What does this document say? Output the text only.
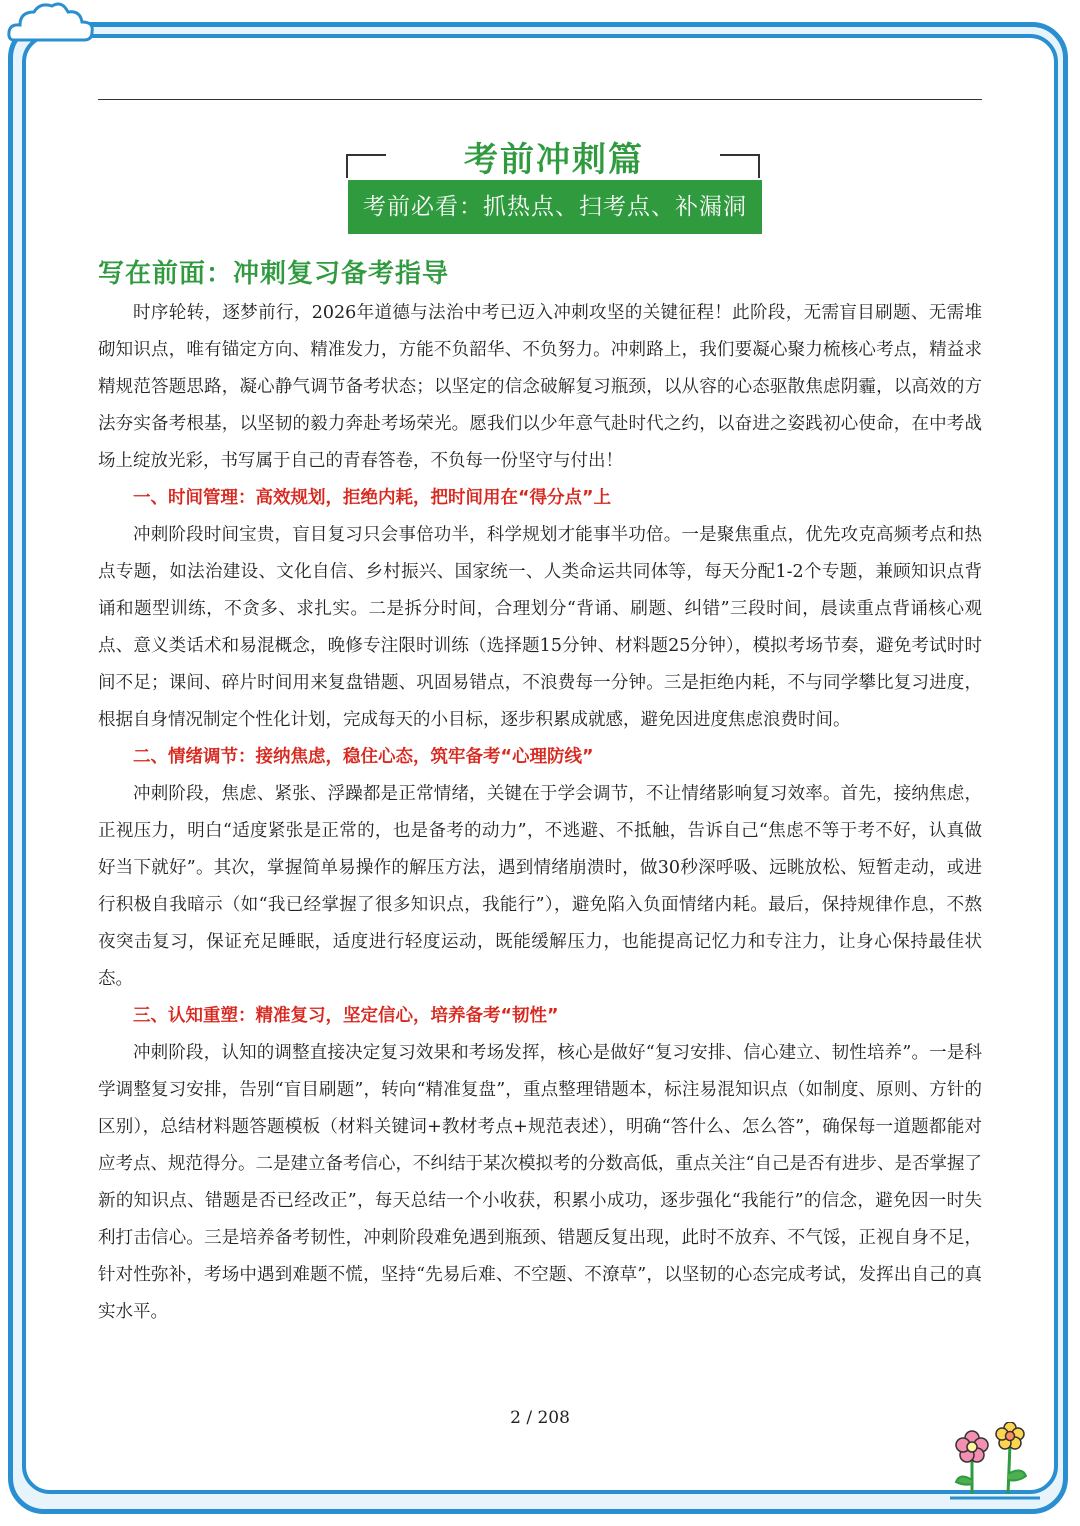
考前冲刺篇
考前必看：抓热点、扫考点、补漏洞
写在前面：冲刺复习备考指导

时序轮转，逐梦前行，2026年道德与法治中考已迈入冲刺攻坚的关键征程！此阶段，无需盲目刷题、无需堆砌知识点，唯有锚定方向、精准发力，方能不负韶华、不负努力。冲刺路上，我们要凝心聚力梳核心考点，精益求精规范答题思路，凝心静气调节备考状态；以坚定的信念破解复习瓶颈，以从容的心态驱散焦虑阴霾，以高效的方法夯实备考根基，以坚韧的毅力奔赴考场荣光。愿我们以少年意气赴时代之约，以奋进之姿践初心使命，在中考战场上绽放光彩，书写属于自己的青春答卷，不负每一份坚守与付出！

一、时间管理：高效规划，拒绝内耗，把时间用在“得分点”上

冲刺阶段时间宝贵，盲目复习只会事倍功半，科学规划才能事半功倍。一是聚焦重点，优先攻克高频考点和热点专题，如法治建设、文化自信、乡村振兴、国家统一、人类命运共同体等，每天分配1-2个专题，兼顾知识点背诵和题型训练，不贪多、求扎实。二是拆分时间，合理划分“背诵、刷题、纠错”三段时间，晨读重点背诵核心观点、意义类话术和易混概念，晚修专注限时训练（选择题15分钟、材料题25分钟），模拟考场节奏，避免考试时时间不足；课间、碎片时间用来复盘错题、巩固易错点，不浪费每一分钟。三是拒绝内耗，不与同学攀比复习进度，根据自身情况制定个性化计划，完成每天的小目标，逐步积累成就感，避免因进度焦虑浪费时间。

二、情绪调节：接纳焦虑，稳住心态，筑牢备考“心理防线”

冲刺阶段，焦虑、紧张、浮躁都是正常情绪，关键在于学会调节，不让情绪影响复习效率。首先，接纳焦虑，正视压力，明白“适度紧张是正常的，也是备考的动力”，不逃避、不抵触，告诉自己“焦虑不等于考不好，认真做好当下就好”。其次，掌握简单易操作的解压方法，遇到情绪崩溃时，做30秒深呼吸、远眺放松、短暂走动，或进行积极自我暗示（如“我已经掌握了很多知识点，我能行”），避免陷入负面情绪内耗。最后，保持规律作息，不熬夜突击复习，保证充足睡眠，适度进行轻度运动，既能缓解压力，也能提高记忆力和专注力，让身心保持最佳状态。

三、认知重塑：精准复习，坚定信心，培养备考“韧性”

冲刺阶段，认知的调整直接决定复习效果和考场发挥，核心是做好“复习安排、信心建立、韧性培养”。一是科学调整复习安排，告别“盲目刷题”，转向“精准复盘”，重点整理错题本，标注易混知识点（如制度、原则、方针的区别），总结材料题答题模板（材料关键词+教材考点+规范表述），明确“答什么、怎么答”，确保每一道题都能对应考点、规范得分。二是建立备考信心，不纠结于某次模拟考的分数高低，重点关注“自己是否有进步、是否掌握了新的知识点、错题是否已经改正”，每天总结一个小收获，积累小成功，逐步强化“我能行”的信念，避免因一时失利打击信心。三是培养备考韧性，冲刺阶段难免遇到瓶颈、错题反复出现，此时不放弃、不气馁，正视自身不足，针对性弥补，考场中遇到难题不慌，坚持“先易后难、不空题、不潦草”，以坚韧的心态完成考试，发挥出自己的真实水平。

2 / 208
